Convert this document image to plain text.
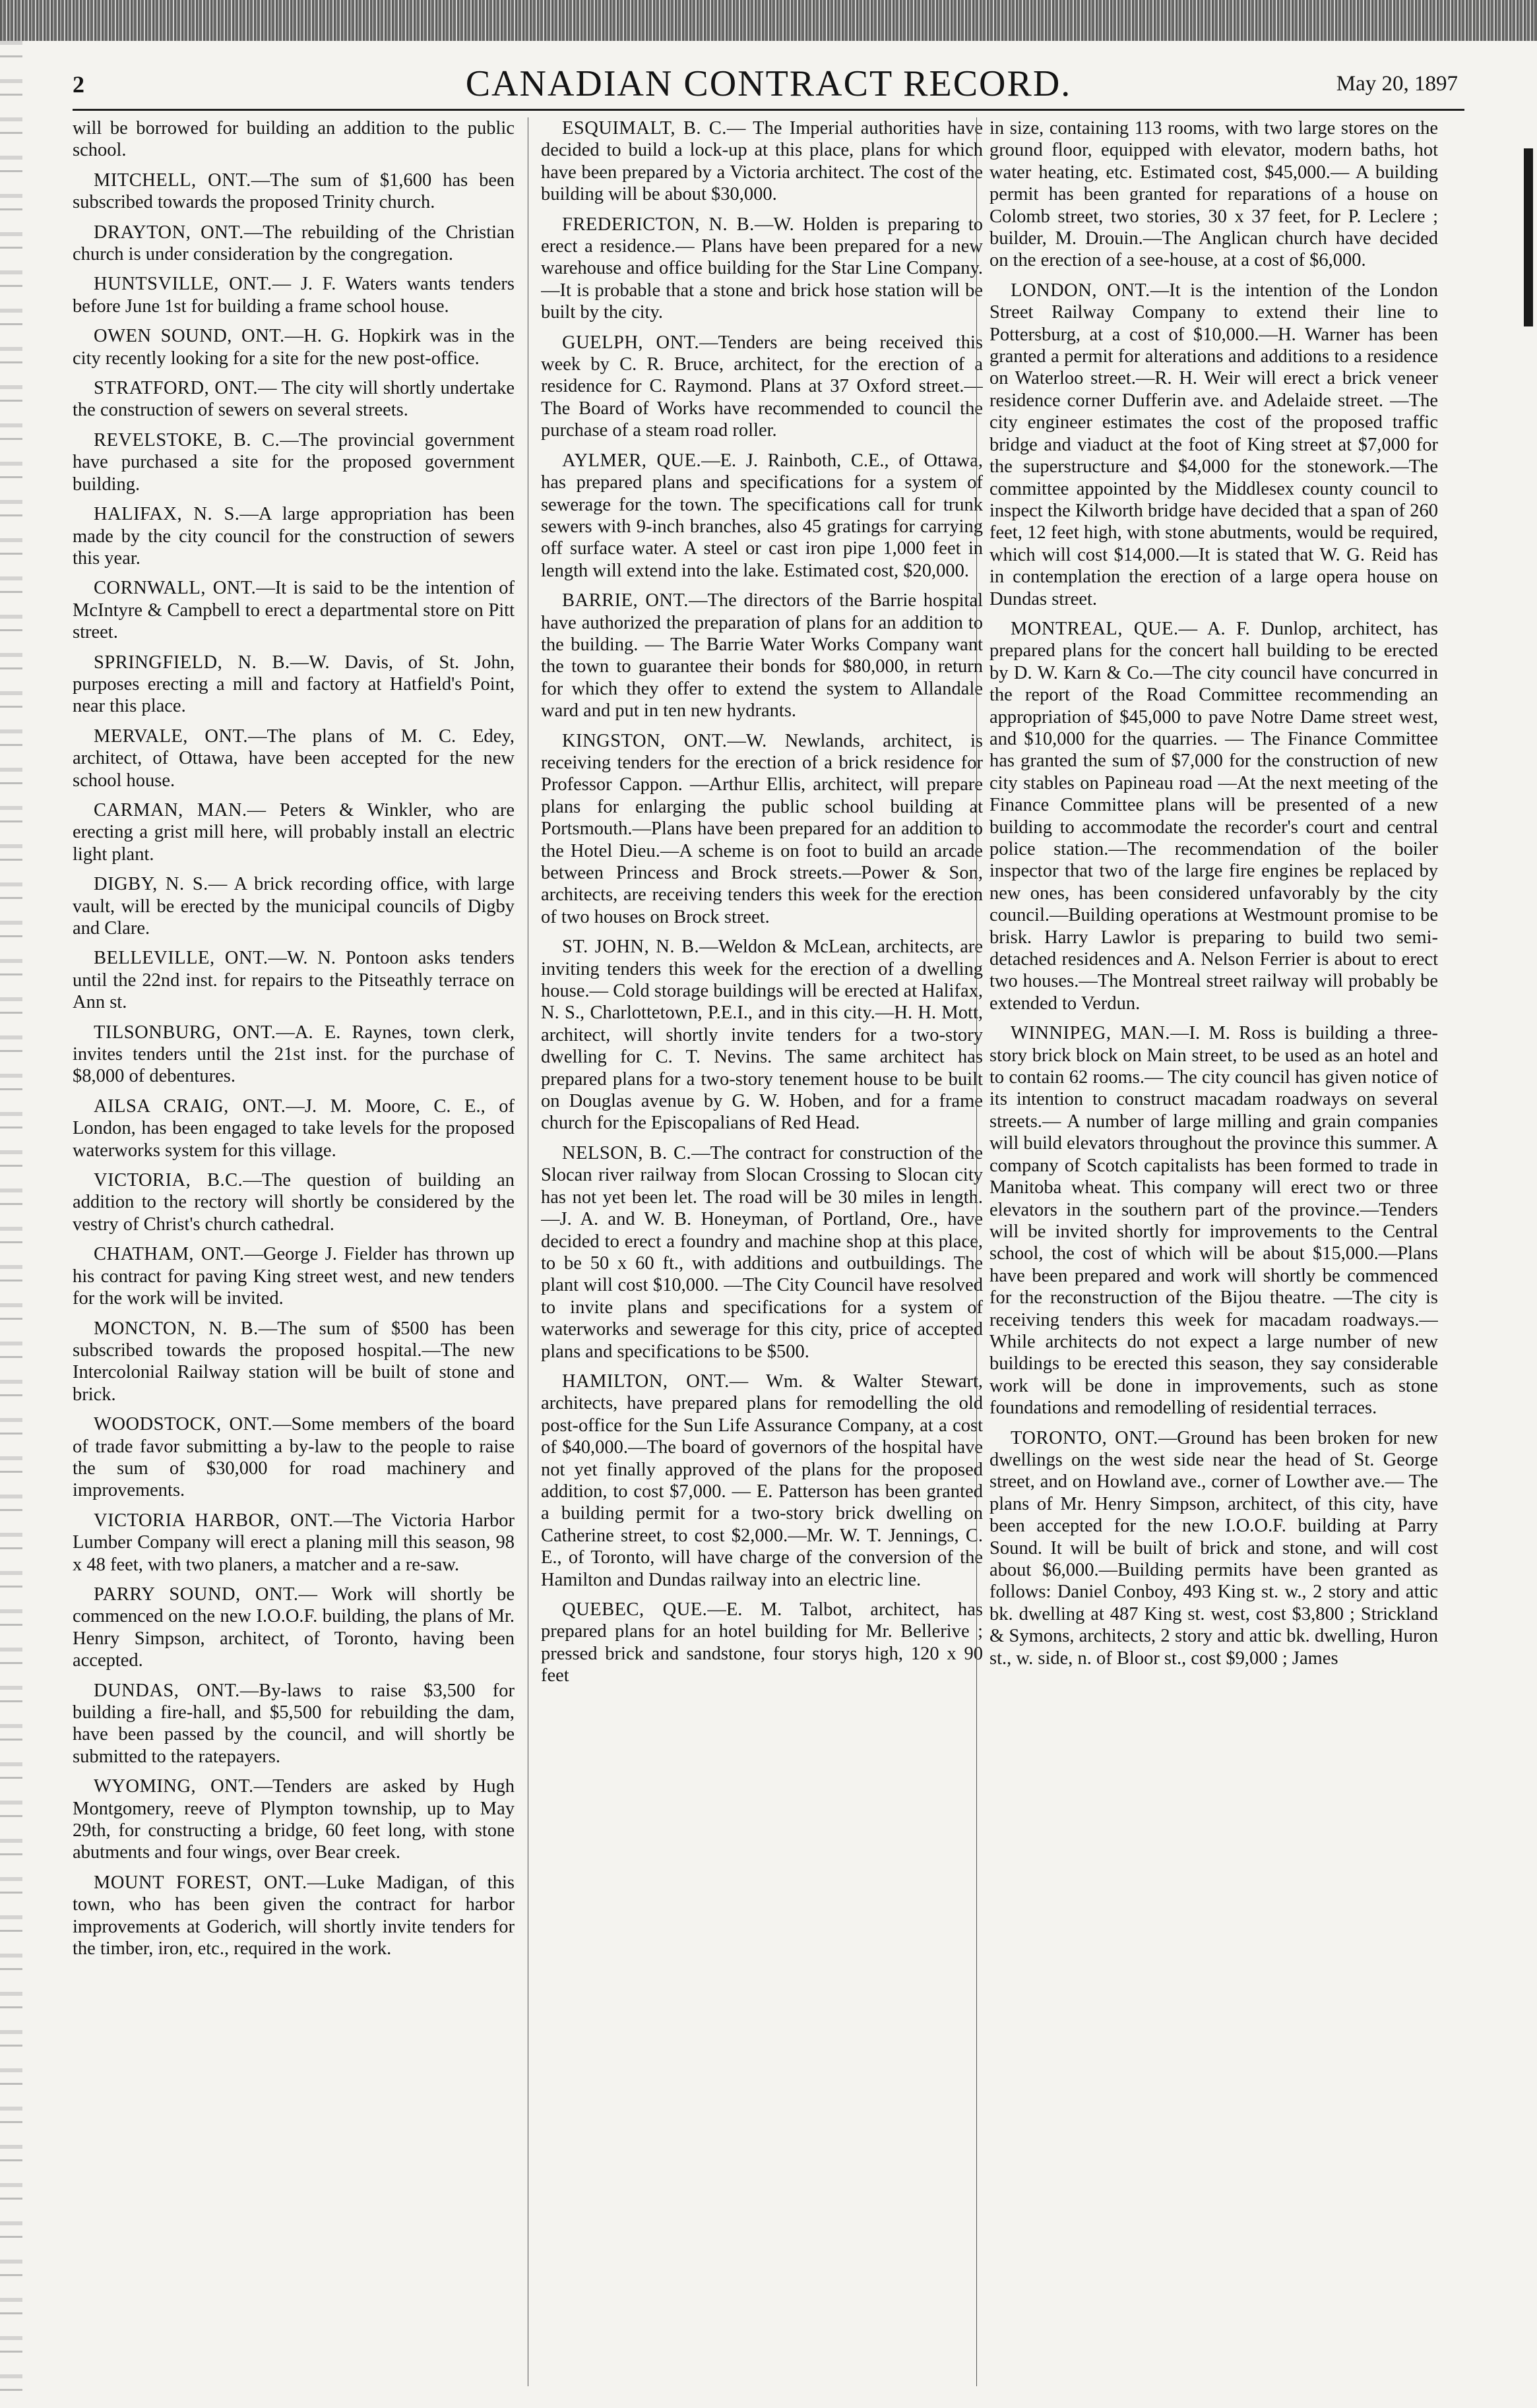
2	CANADIAN CONTRACT RECORD.	May 20, 1897

will be borrowed for building an addition to the public school.

MITCHELL, ONT.—The sum of $1,600 has been subscribed towards the proposed Trinity church.

DRAYTON, ONT.—The rebuilding of the Christian church is under consideration by the congregation.

HUNTSVILLE, ONT.— J. F. Waters wants tenders before June 1st for building a frame school house.

OWEN SOUND, ONT.—H. G. Hopkirk was in the city recently looking for a site for the new post-office.

STRATFORD, ONT.— The city will shortly undertake the construction of sewers on several streets.

REVELSTOKE, B. C.—The provincial government have purchased a site for the proposed government building.

HALIFAX, N. S.—A large appropriation has been made by the city council for the construction of sewers this year.

CORNWALL, ONT.—It is said to be the intention of McIntyre & Campbell to erect a departmental store on Pitt street.

SPRINGFIELD, N. B.—W. Davis, of St. John, purposes erecting a mill and factory at Hatfield's Point, near this place.

MERVALE, ONT.—The plans of M. C. Edey, architect, of Ottawa, have been accepted for the new school house.

CARMAN, MAN.— Peters & Winkler, who are erecting a grist mill here, will probably install an electric light plant.

DIGBY, N. S.— A brick recording office, with large vault, will be erected by the municipal councils of Digby and Clare.

BELLEVILLE, ONT.—W. N. Pontoon asks tenders until the 22nd inst. for repairs to the Pitseathly terrace on Ann st.

TILSONBURG, ONT.—A. E. Raynes, town clerk, invites tenders until the 21st inst. for the purchase of $8,000 of debentures.

AILSA CRAIG, ONT.—J. M. Moore, C. E., of London, has been engaged to take levels for the proposed waterworks system for this village.

VICTORIA, B.C.—The question of building an addition to the rectory will shortly be considered by the vestry of Christ's church cathedral.

CHATHAM, ONT.—George J. Fielder has thrown up his contract for paving King street west, and new tenders for the work will be invited.

MONCTON, N. B.—The sum of $500 has been subscribed towards the proposed hospital.—The new Intercolonial Railway station will be built of stone and brick.

WOODSTOCK, ONT.—Some members of the board of trade favor submitting a by-law to the people to raise the sum of $30,000 for road machinery and improvements.

VICTORIA HARBOR, ONT.—The Victoria Harbor Lumber Company will erect a planing mill this season, 98 x 48 feet, with two planers, a matcher and a re-saw.

PARRY SOUND, ONT.— Work will shortly be commenced on the new I.O.O.F. building, the plans of Mr. Henry Simpson, architect, of Toronto, having been accepted.

DUNDAS, ONT.—By-laws to raise $3,500 for building a fire-hall, and $5,500 for rebuilding the dam, have been passed by the council, and will shortly be submitted to the ratepayers.

WYOMING, ONT.—Tenders are asked by Hugh Montgomery, reeve of Plympton township, up to May 29th, for constructing a bridge, 60 feet long, with stone abutments and four wings, over Bear creek.

MOUNT FOREST, ONT.—Luke Madigan, of this town, who has been given the contract for harbor improvements at Goderich, will shortly invite tenders for the timber, iron, etc., required in the work.

ESQUIMALT, B. C.— The Imperial authorities have decided to build a lock-up at this place, plans for which have been prepared by a Victoria architect. The cost of the building will be about $30,000.

FREDERICTON, N. B.—W. Holden is preparing to erect a residence.— Plans have been prepared for a new warehouse and office building for the Star Line Company.—It is probable that a stone and brick hose station will be built by the city.

GUELPH, ONT.—Tenders are being received this week by C. R. Bruce, architect, for the erection of a residence for C. Raymond. Plans at 37 Oxford street.— The Board of Works have recommended to council the purchase of a steam road roller.

AYLMER, QUE.—E. J. Rainboth, C.E., of Ottawa, has prepared plans and specifications for a system of sewerage for the town. The specifications call for trunk sewers with 9-inch branches, also 45 gratings for carrying off surface water. A steel or cast iron pipe 1,000 feet in length will extend into the lake. Estimated cost, $20,000.

BARRIE, ONT.—The directors of the Barrie hospital have authorized the preparation of plans for an addition to the building. — The Barrie Water Works Company want the town to guarantee their bonds for $80,000, in return for which they offer to extend the system to Allandale ward and put in ten new hydrants.

KINGSTON, ONT.—W. Newlands, architect, is receiving tenders for the erection of a brick residence for Professor Cappon. —Arthur Ellis, architect, will prepare plans for enlarging the public school building at Portsmouth.—Plans have been prepared for an addition to the Hotel Dieu.—A scheme is on foot to build an arcade between Princess and Brock streets.—Power & Son, architects, are receiving tenders this week for the erection of two houses on Brock street.

ST. JOHN, N. B.—Weldon & McLean, architects, are inviting tenders this week for the erection of a dwelling house.— Cold storage buildings will be erected at Halifax, N. S., Charlottetown, P.E.I., and in this city.—H. H. Mott, architect, will shortly invite tenders for a two-story dwelling for C. T. Nevins. The same architect has prepared plans for a two-story tenement house to be built on Douglas avenue by G. W. Hoben, and for a frame church for the Episcopalians of Red Head.

NELSON, B. C.—The contract for construction of the Slocan river railway from Slocan Crossing to Slocan city has not yet been let. The road will be 30 miles in length. —J. A. and W. B. Honeyman, of Portland, Ore., have decided to erect a foundry and machine shop at this place, to be 50 x 60 ft., with additions and outbuildings. The plant will cost $10,000. —The City Council have resolved to invite plans and specifications for a system of waterworks and sewerage for this city, price of accepted plans and specifications to be $500.

HAMILTON, ONT.— Wm. & Walter Stewart, architects, have prepared plans for remodelling the old post-office for the Sun Life Assurance Company, at a cost of $40,000.—The board of governors of the hospital have not yet finally approved of the plans for the proposed addition, to cost $7,000. — E. Patterson has been granted a building permit for a two-story brick dwelling on Catherine street, to cost $2,000.—Mr. W. T. Jennings, C. E., of Toronto, will have charge of the conversion of the Hamilton and Dundas railway into an electric line.

QUEBEC, QUE.—E. M. Talbot, architect, has prepared plans for an hotel building for Mr. Bellerive ; pressed brick and sandstone, four storys high, 120 x 90 feet

in size, containing 113 rooms, with two large stores on the ground floor, equipped with elevator, modern baths, hot water heating, etc. Estimated cost, $45,000.— A building permit has been granted for reparations of a house on Colomb street, two stories, 30 x 37 feet, for P. Leclere ; builder, M. Drouin.—The Anglican church have decided on the erection of a see-house, at a cost of $6,000.

LONDON, ONT.—It is the intention of the London Street Railway Company to extend their line to Pottersburg, at a cost of $10,000.—H. Warner has been granted a permit for alterations and additions to a residence on Waterloo street.—R. H. Weir will erect a brick veneer residence corner Dufferin ave. and Adelaide street. —The city engineer estimates the cost of the proposed traffic bridge and viaduct at the foot of King street at $7,000 for the superstructure and $4,000 for the stonework.—The committee appointed by the Middlesex county council to inspect the Kilworth bridge have decided that a span of 260 feet, 12 feet high, with stone abutments, would be required, which will cost $14,000.—It is stated that W. G. Reid has in contemplation the erection of a large opera house on Dundas street.

MONTREAL, QUE.— A. F. Dunlop, architect, has prepared plans for the concert hall building to be erected by D. W. Karn & Co.—The city council have concurred in the report of the Road Committee recommending an appropriation of $45,000 to pave Notre Dame street west, and $10,000 for the quarries. — The Finance Committee has granted the sum of $7,000 for the construction of new city stables on Papineau road —At the next meeting of the Finance Committee plans will be presented of a new building to accommodate the recorder's court and central police station.—The recommendation of the boiler inspector that two of the large fire engines be replaced by new ones, has been considered unfavorably by the city council.—Building operations at Westmount promise to be brisk. Harry Lawlor is preparing to build two semi-detached residences and A. Nelson Ferrier is about to erect two houses.—The Montreal street railway will probably be extended to Verdun.

WINNIPEG, MAN.—I. M. Ross is building a three-story brick block on Main street, to be used as an hotel and to contain 62 rooms.— The city council has given notice of its intention to construct macadam roadways on several streets.— A number of large milling and grain companies will build elevators throughout the province this summer. A company of Scotch capitalists has been formed to trade in Manitoba wheat. This company will erect two or three elevators in the southern part of the province.—Tenders will be invited shortly for improvements to the Central school, the cost of which will be about $15,000.—Plans have been prepared and work will shortly be commenced for the reconstruction of the Bijou theatre. —The city is receiving tenders this week for macadam roadways.—While architects do not expect a large number of new buildings to be erected this season, they say considerable work will be done in improvements, such as stone foundations and remodelling of residential terraces.

TORONTO, ONT.—Ground has been broken for new dwellings on the west side near the head of St. George street, and on Howland ave., corner of Lowther ave.— The plans of Mr. Henry Simpson, architect, of this city, have been accepted for the new I.O.O.F. building at Parry Sound. It will be built of brick and stone, and will cost about $6,000.—Building permits have been granted as follows: Daniel Conboy, 493 King st. w., 2 story and attic bk. dwelling at 487 King st. west, cost $3,800 ; Strickland & Symons, architects, 2 story and attic bk. dwelling, Huron st., w. side, n. of Bloor st., cost $9,000 ; James
